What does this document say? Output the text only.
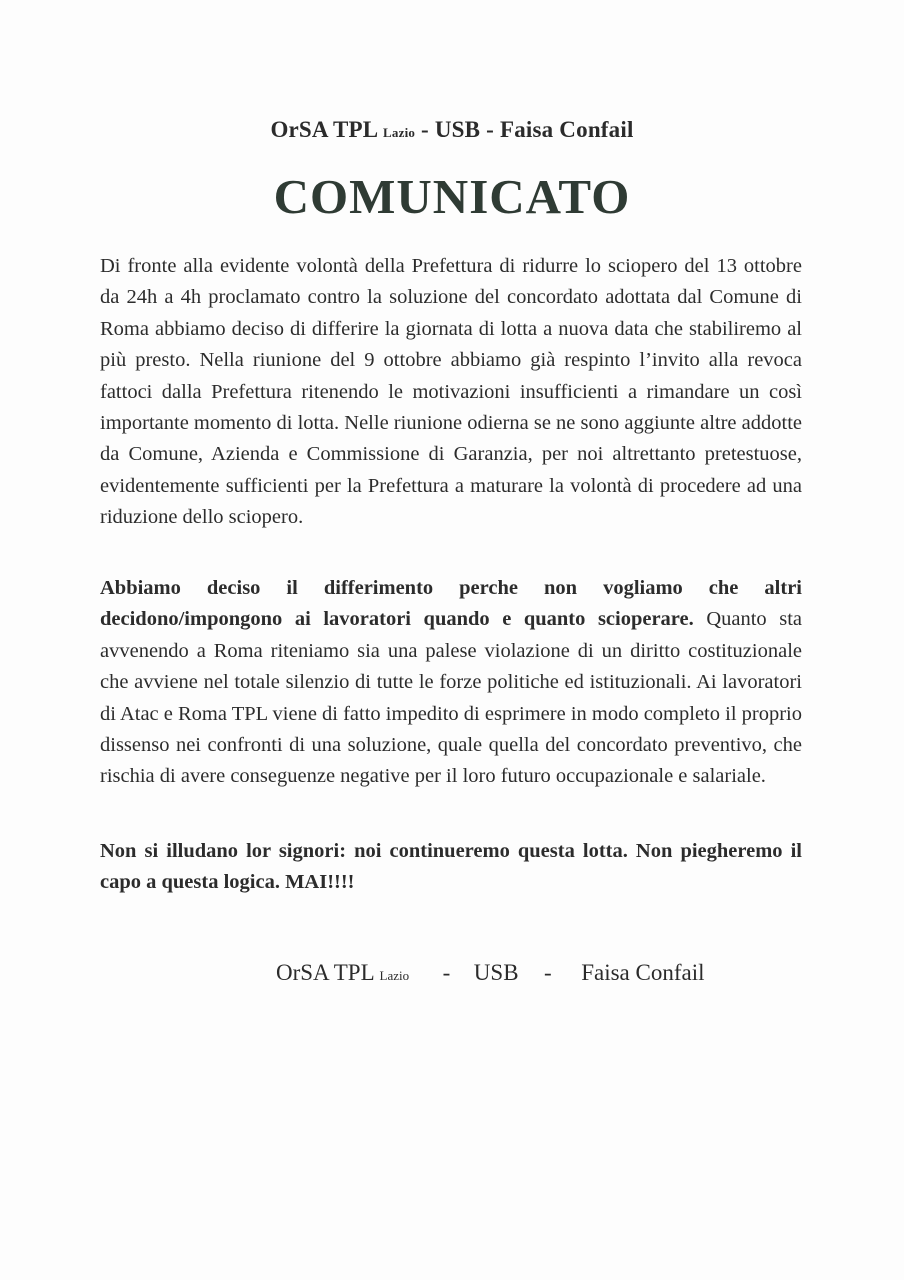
OrSA TPL Lazio - USB - Faisa Confail
COMUNICATO

Di fronte alla evidente volontà della Prefettura di ridurre lo sciopero del 13 ottobre da 24h a 4h proclamato contro la soluzione del concordato adottata dal Comune di Roma abbiamo deciso di differire la giornata di lotta a nuova data che stabiliremo al più presto. Nella riunione del 9 ottobre abbiamo già respinto l’invito alla revoca fattoci dalla Prefettura ritenendo le motivazioni insufficienti a rimandare un così importante momento di lotta. Nelle riunione odierna se ne sono aggiunte altre addotte da Comune, Azienda e Commissione di Garanzia, per noi altrettanto pretestuose, evidentemente sufficienti per la Prefettura a maturare la volontà di procedere ad una riduzione dello sciopero.

Abbiamo deciso il differimento perche non vogliamo che altri decidono/impongono ai lavoratori quando e quanto scioperare. Quanto sta avvenendo a Roma riteniamo sia una palese violazione di un diritto costituzionale che avviene nel totale silenzio di tutte le forze politiche ed istituzionali. Ai lavoratori di Atac e Roma TPL viene di fatto impedito di esprimere in modo completo il proprio dissenso nei confronti di una soluzione, quale quella del concordato preventivo, che rischia di avere conseguenze negative per il loro futuro occupazionale e salariale.

Non si illudano lor signori: noi continueremo questa lotta. Non piegheremo il capo a questa logica. MAI!!!!

OrSA TPL Lazio - USB - Faisa Confail
